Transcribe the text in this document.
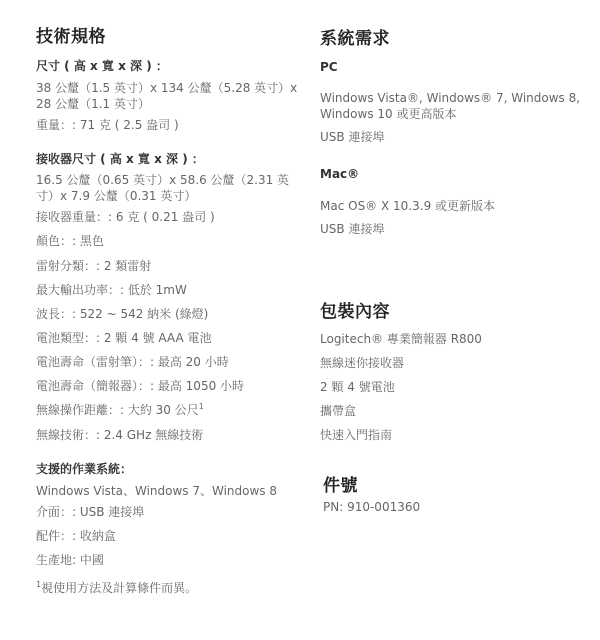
技術規格
尺寸 ( 高 x 寬 x 深 ) ：
38 公釐（1.5 英寸）x 134 公釐（5.28 英寸）x 28 公釐（1.1 英寸）
重量：: 71 克 ( 2.5 盎司 )
接收器尺寸 ( 高 x 寬 x 深 ) ：
16.5 公釐（0.65 英寸）x 58.6 公釐（2.31 英寸）x 7.9 公釐（0.31 英寸）
接收器重量：: 6 克 ( 0.21 盎司 )
顏色：: 黑色
雷射分類：: 2 類雷射
最大輸出功率：: 低於 1mW
波長：: 522 ~ 542 納米 (綠燈)
電池類型：: 2 顆 4 號 AAA 電池
電池壽命（雷射筆）：: 最高 20 小時
電池壽命（簡報器）：: 最高 1050 小時
無線操作距離：: 大約 30 公尺$^1$
無線技術：: 2.4 GHz 無線技術
支援的作業系統：
Windows Vista、Windows 7、Windows 8
介面：: USB 連接埠
配件：: 收納盒
生產地: 中國
$^1$視使用方法及計算條件而異。
系統需求
PC
Windows Vista®, Windows® 7, Windows 8, Windows 10 或更高版本
USB 連接埠
Mac®
Mac OS® X 10.3.9 或更新版本
USB 連接埠
包裝內容
Logitech® 專業簡報器 R800
無線迷你接收器
2 顆 4 號電池
攜帶盒
快速入門指南
件號
PN: 910-001360
